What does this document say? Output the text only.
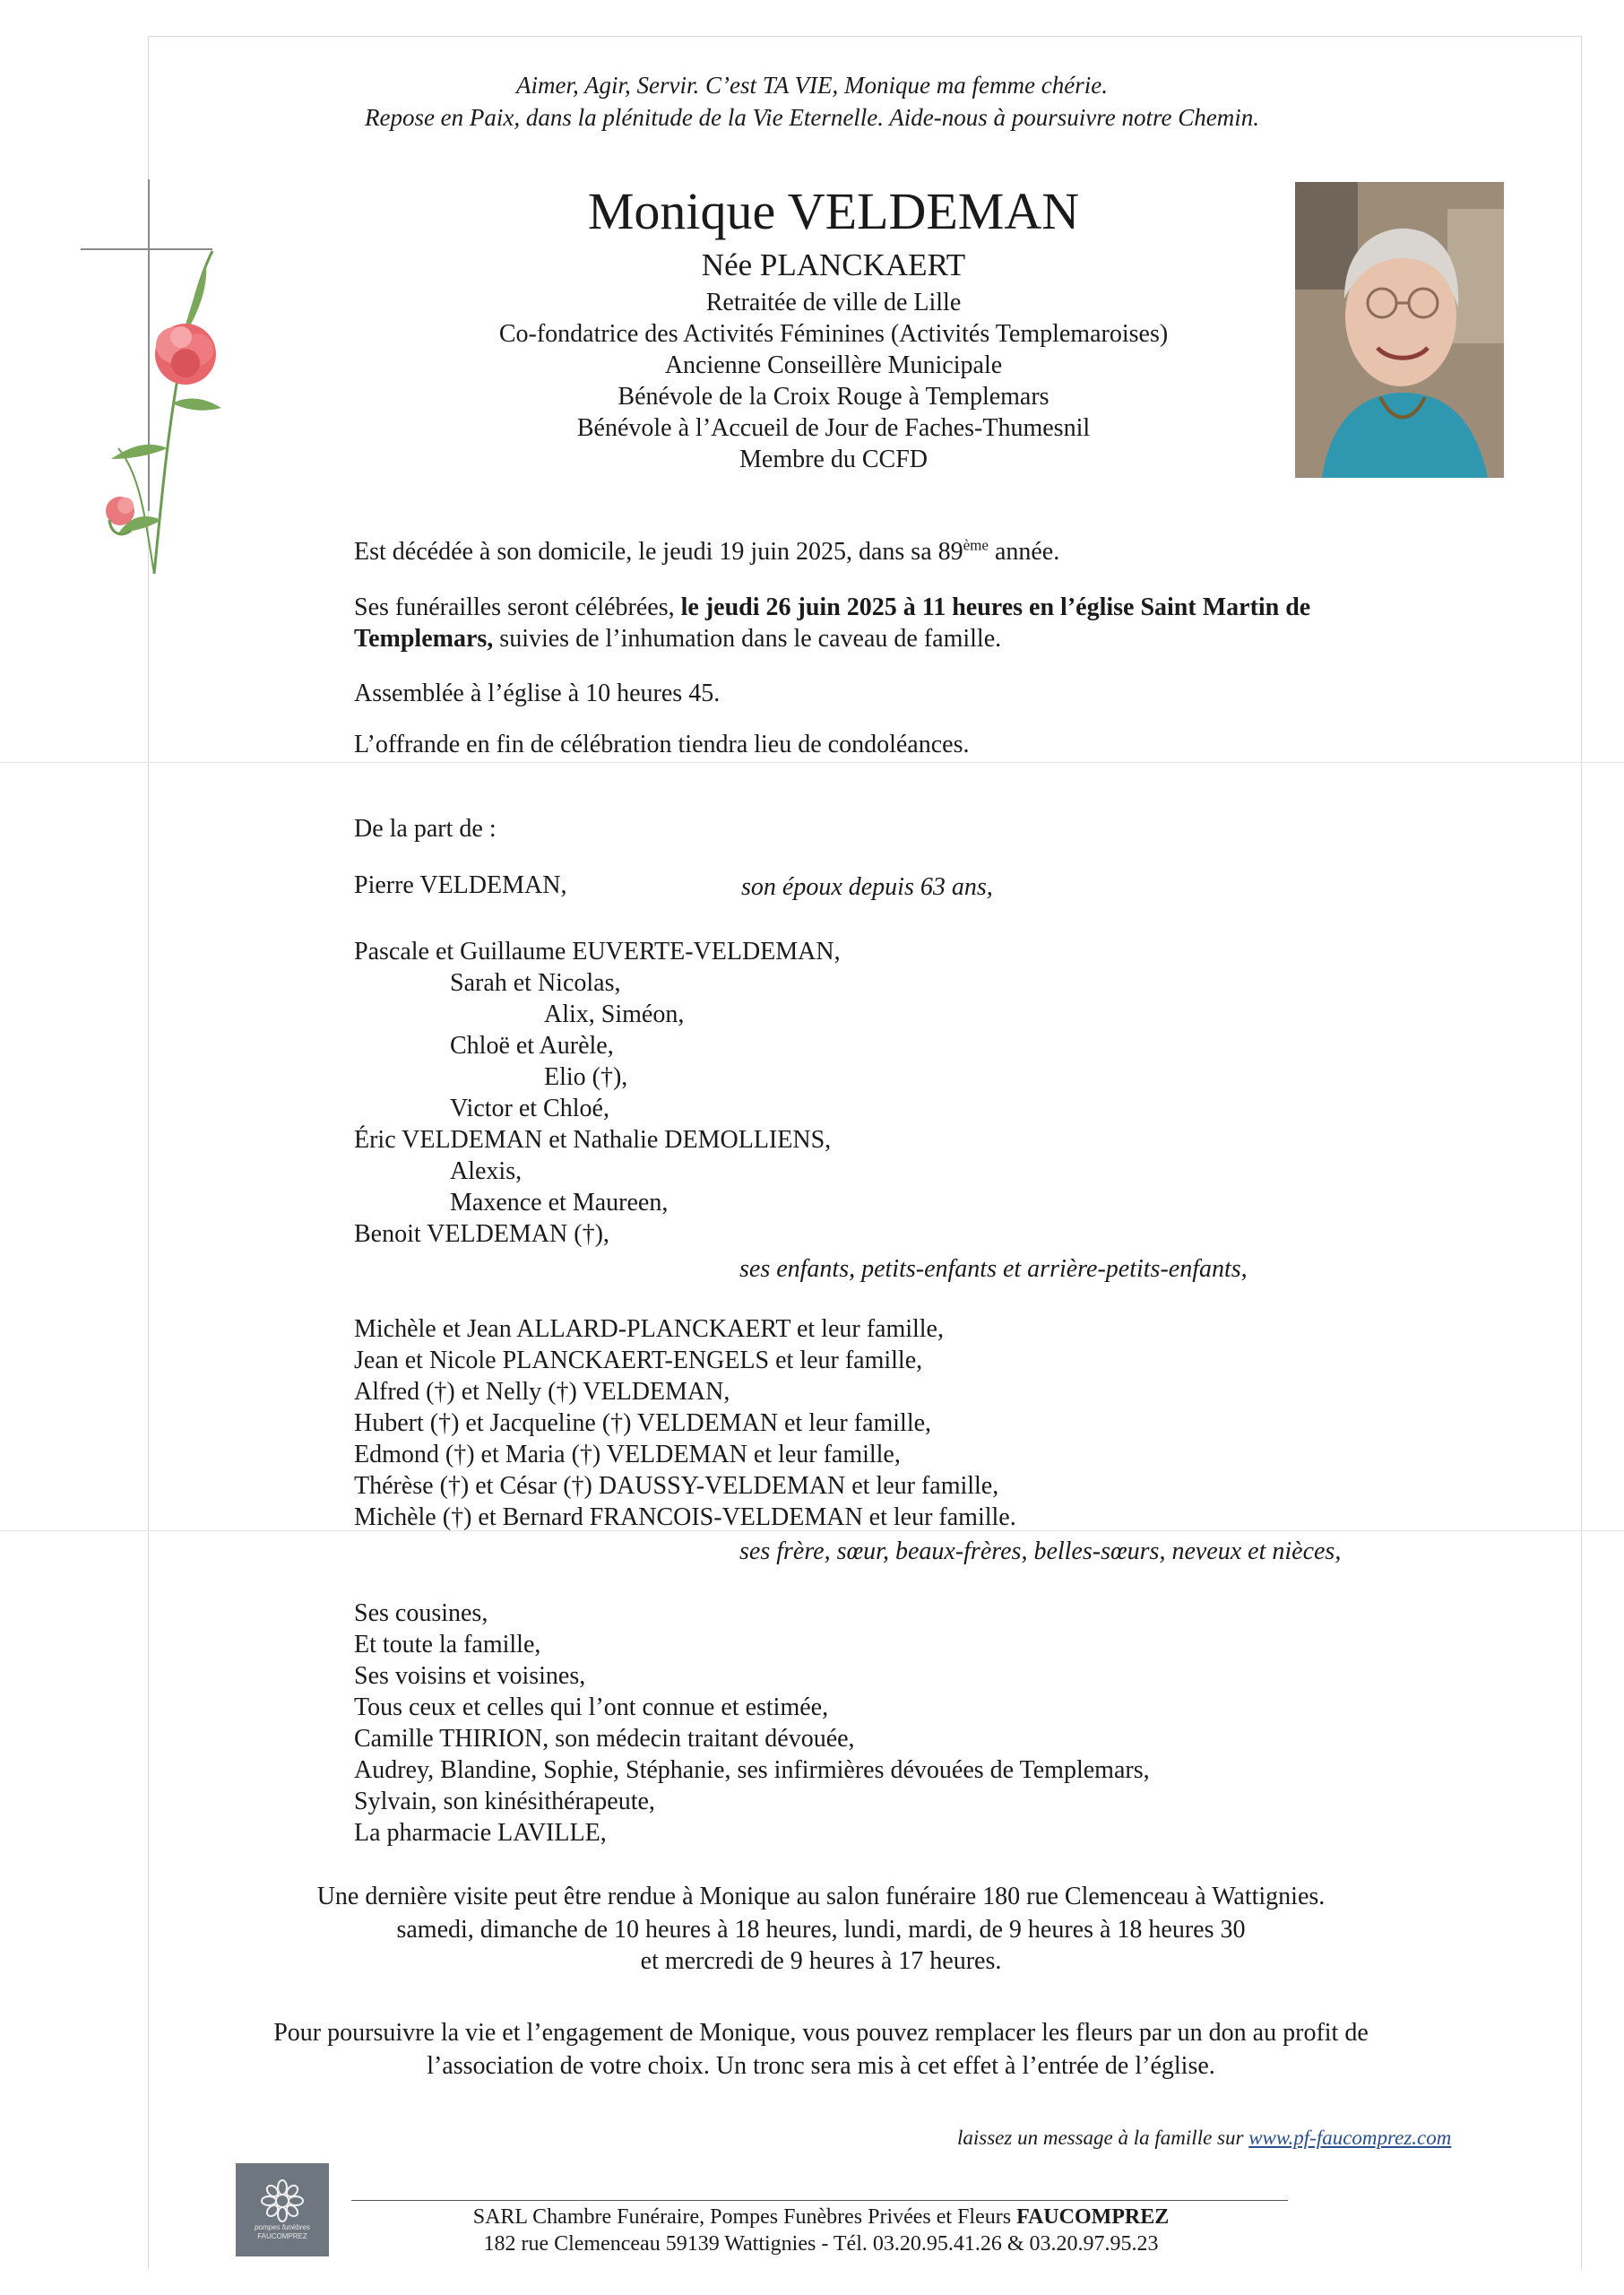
Aimer, Agir, Servir. C’est TA VIE, Monique ma femme chérie.
Repose en Paix, dans la plénitude de la Vie Eternelle. Aide-nous à poursuivre notre Chemin.
Monique VELDEMAN
Née PLANCKAERT
Retraitée de ville de Lille
Co-fondatrice des Activités Féminines (Activités Templemaroises)
Ancienne Conseillère Municipale
Bénévole de la Croix Rouge à Templemars
Bénévole à l’Accueil de Jour de Faches-Thumesnil
Membre du CCFD
Est décédée à son domicile, le jeudi 19 juin 2025, dans sa 89ème année.
Ses funérailles seront célébrées, le jeudi 26 juin 2025 à 11 heures en l’église Saint Martin de
Templemars, suivies de l’inhumation dans le caveau de famille.
Assemblée à l’église à 10 heures 45.
L’offrande en fin de célébration tiendra lieu de condoléances.
De la part de :
Pierre VELDEMAN,	son époux depuis 63 ans,
Pascale et Guillaume EUVERTE-VELDEMAN,
Sarah et Nicolas,
Alix, Siméon,
Chloë et Aurèle,
Elio (†),
Victor et Chloé,
Éric VELDEMAN et Nathalie DEMOLLIENS,
Alexis,
Maxence et Maureen,
Benoit VELDEMAN (†),
ses enfants, petits-enfants et arrière-petits-enfants,
Michèle et Jean ALLARD-PLANCKAERT et leur famille,
Jean et Nicole PLANCKAERT-ENGELS et leur famille,
Alfred (†) et Nelly (†) VELDEMAN,
Hubert (†) et Jacqueline (†) VELDEMAN et leur famille,
Edmond (†) et Maria (†) VELDEMAN et leur famille,
Thérèse (†) et César (†) DAUSSY-VELDEMAN et leur famille,
Michèle (†) et Bernard FRANCOIS-VELDEMAN et leur famille.
ses frère, sœur, beaux-frères, belles-sœurs, neveux et nièces,
Ses cousines,
Et toute la famille,
Ses voisins et voisines,
Tous ceux et celles qui l’ont connue et estimée,
Camille THIRION, son médecin traitant dévouée,
Audrey, Blandine, Sophie, Stéphanie, ses infirmières dévouées de Templemars,
Sylvain, son kinésithérapeute,
La pharmacie LAVILLE,
Une dernière visite peut être rendue à Monique au salon funéraire 180 rue Clemenceau à Wattignies.
samedi, dimanche de 10 heures à 18 heures, lundi, mardi, de 9 heures à 18 heures 30
et mercredi de 9 heures à 17 heures.
Pour poursuivre la vie et l’engagement de Monique, vous pouvez remplacer les fleurs par un don au profit de
l’association de votre choix. Un tronc sera mis à cet effet à l’entrée de l’église.
laissez un message à la famille sur www.pf-faucomprez.com
pompes funèbres
FAUCOMPREZ
SARL Chambre Funéraire, Pompes Funèbres Privées et Fleurs FAUCOMPREZ
182 rue Clemenceau 59139 Wattignies - Tél. 03.20.95.41.26 & 03.20.97.95.23
